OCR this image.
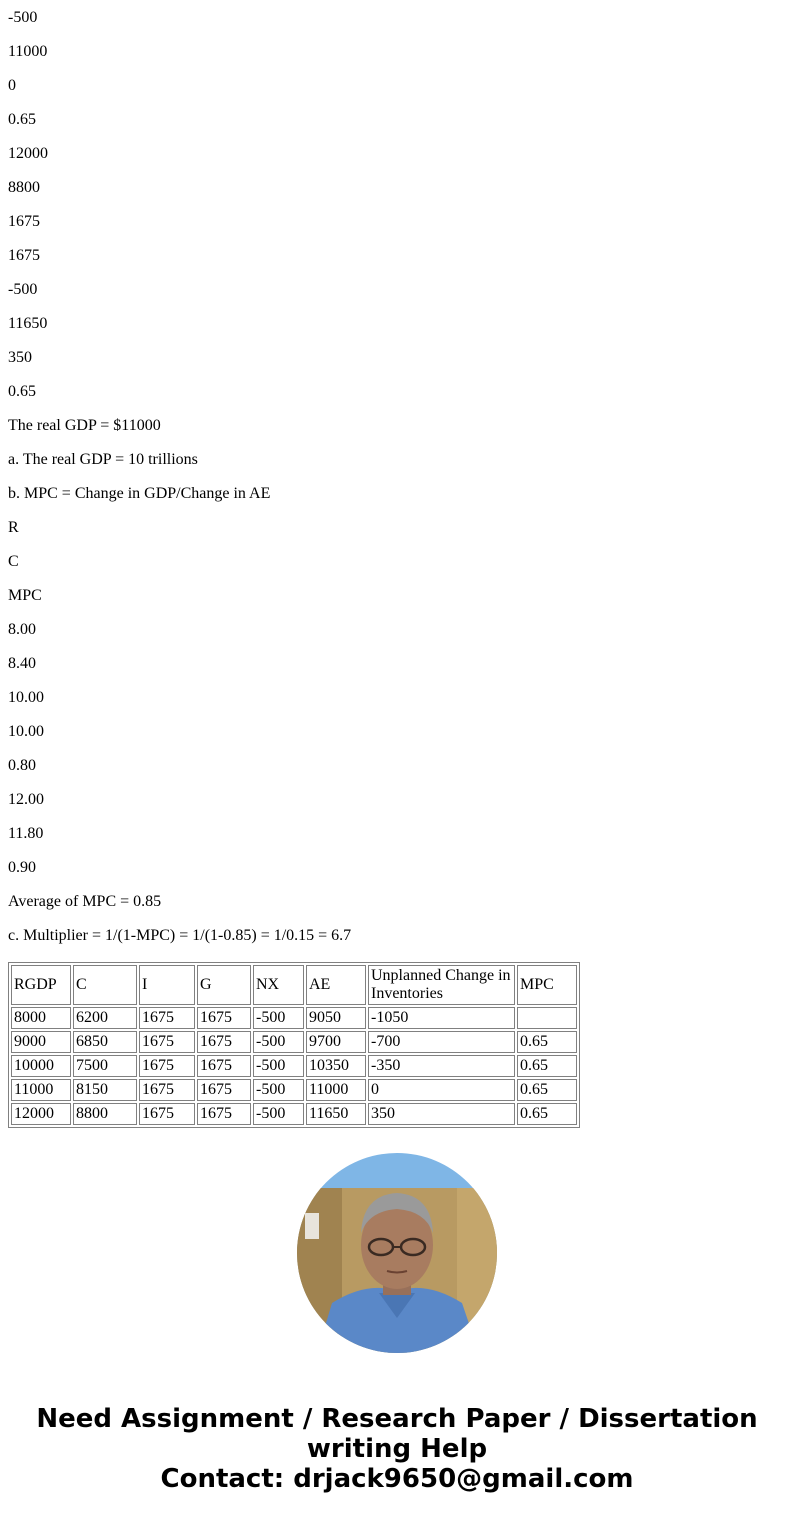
-500

11000

0

0.65

12000

8800

1675

1675

-500

11650

350

0.65

The real GDP = $11000

a. The real GDP = 10 trillions

b. MPC = Change in GDP/Change in AE

R

C

MPC

8.00

8.40

10.00

10.00

0.80

12.00

11.80

0.90

Average of MPC = 0.85

c. Multiplier = 1/(1-MPC) = 1/(1-0.85) = 1/0.15 = 6.7

RGDP	C	I	G	NX	AE	Unplanned Change in Inventories	MPC
8000	6200	1675	1675	-500	9050	-1050	
9000	6850	1675	1675	-500	9700	-700	0.65
10000	7500	1675	1675	-500	10350	-350	0.65
11000	8150	1675	1675	-500	11000	0	0.65
12000	8800	1675	1675	-500	11650	350	0.65
Need Assignment / Research Paper / Dissertation
writing Help
Contact: drjack9650@gmail.com
